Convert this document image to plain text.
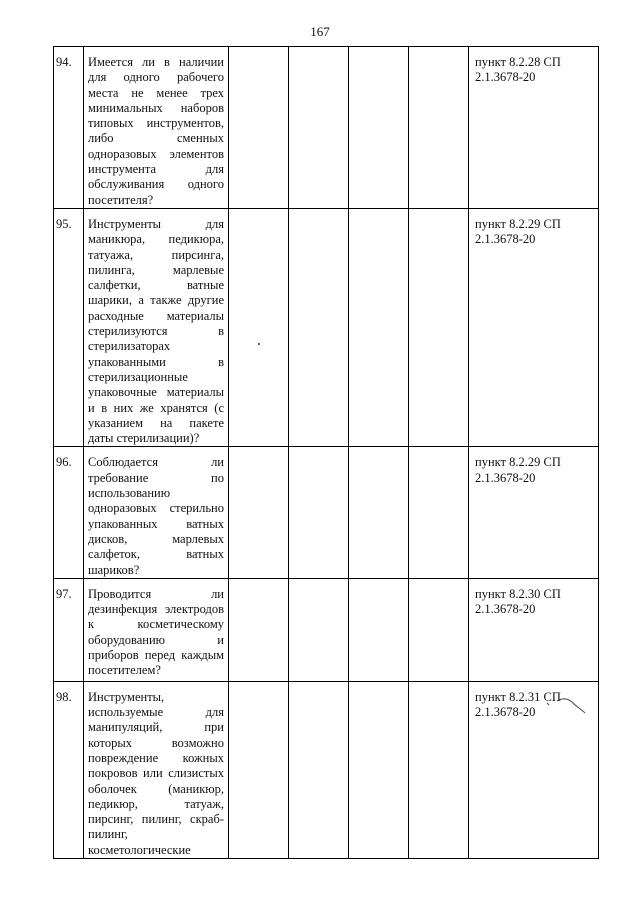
167
94.	Имеется ли в наличии для одного рабочего места не менее трех минимальных наборов типовых инструментов, либо сменных одноразовых элементов инструмента для обслуживания одного посетителя?					пункт 8.2.28 СП 2.1.3678-20

95.	Инструменты для маникюра, педикюра, татуажа, пирсинга, пилинга, марлевые салфетки, ватные шарики, а также другие расходные материалы стерилизуются в стерилизаторах упакованными в стерилизационные упаковочные материалы и в них же хранятся (с указанием на пакете даты стерилизации)?					пункт 8.2.29 СП 2.1.3678-20

96.	Соблюдается ли требование по использованию одноразовых стерильно упакованных ватных дисков, марлевых салфеток, ватных шариков?					пункт 8.2.29 СП 2.1.3678-20

97.	Проводится ли дезинфекция электродов к косметическому оборудованию и приборов перед каждым посетителем?					пункт 8.2.30 СП 2.1.3678-20

98.	Инструменты, используемые для манипуляций, при которых возможно повреждение кожных покровов или слизистых оболочек (маникюр, педикюр, татуаж, пирсинг, пилинг, скраб-пилинг, косметологические					пункт 8.2.31 СП 2.1.3678-20
